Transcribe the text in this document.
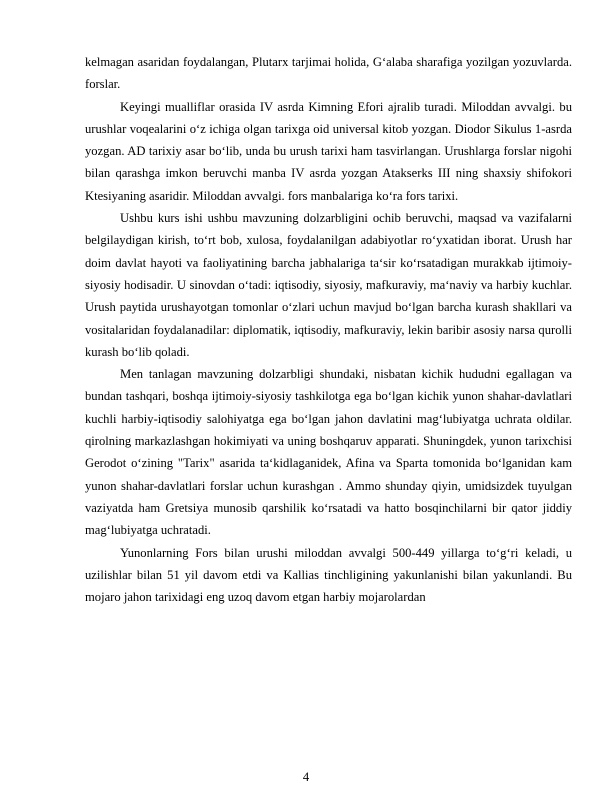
kelmagan asaridan foydalangan, Plutarx tarjimai holida, G‘alaba sharafiga yozilgan yozuvlarda. forslar.

Keyingi mualliflar orasida IV asrda Kimning Efori ajralib turadi. Miloddan avvalgi. bu urushlar voqealarini o‘z ichiga olgan tarixga oid universal kitob yozgan. Diodor Sikulus 1-asrda yozgan. AD tarixiy asar bo‘lib, unda bu urush tarixi ham tasvirlangan. Urushlarga forslar nigohi bilan qarashga imkon beruvchi manba IV asrda yozgan Atakserks III ning shaxsiy shifokori Ktesiyaning asaridir. Miloddan avvalgi. fors manbalariga ko‘ra fors tarixi.

Ushbu kurs ishi ushbu mavzuning dolzarbligini ochib beruvchi, maqsad va vazifalarni belgilaydigan kirish, to‘rt bob, xulosa, foydalanilgan adabiyotlar ro‘yxatidan iborat. Urush har doim davlat hayoti va faoliyatining barcha jabhalariga ta‘sir ko‘rsatadigan murakkab ijtimoiy-siyosiy hodisadir. U sinovdan o‘tadi: iqtisodiy, siyosiy, mafkuraviy, ma‘naviy va harbiy kuchlar. Urush paytida urushayotgan tomonlar o‘zlari uchun mavjud bo‘lgan barcha kurash shakllari va vositalaridan foydalanadilar: diplomatik, iqtisodiy, mafkuraviy, lekin baribir asosiy narsa qurolli kurash bo‘lib qoladi.

Men tanlagan mavzuning dolzarbligi shundaki, nisbatan kichik hududni egallagan va bundan tashqari, boshqa ijtimoiy-siyosiy tashkilotga ega bo‘lgan kichik yunon shahar-davlatlari kuchli harbiy-iqtisodiy salohiyatga ega bo‘lgan jahon davlatini mag‘lubiyatga uchrata oldilar. qirolning markazlashgan hokimiyati va uning boshqaruv apparati. Shuningdek, yunon tarixchisi Gerodot o‘zining "Tarix" asarida ta‘kidlaganidek, Afina va Sparta tomonida bo‘lganidan kam yunon shahar-davlatlari forslar uchun kurashgan . Ammo shunday qiyin, umidsizdek tuyulgan vaziyatda ham Gretsiya munosib qarshilik ko‘rsatadi va hatto bosqinchilarni bir qator jiddiy mag‘lubiyatga uchratadi.

Yunonlarning Fors bilan urushi miloddan avvalgi 500-449 yillarga to‘g‘ri keladi, u uzilishlar bilan 51 yil davom etdi va Kallias tinchligining yakunlanishi bilan yakunlandi. Bu mojaro jahon tarixidagi eng uzoq davom etgan harbiy mojarolardan

4
